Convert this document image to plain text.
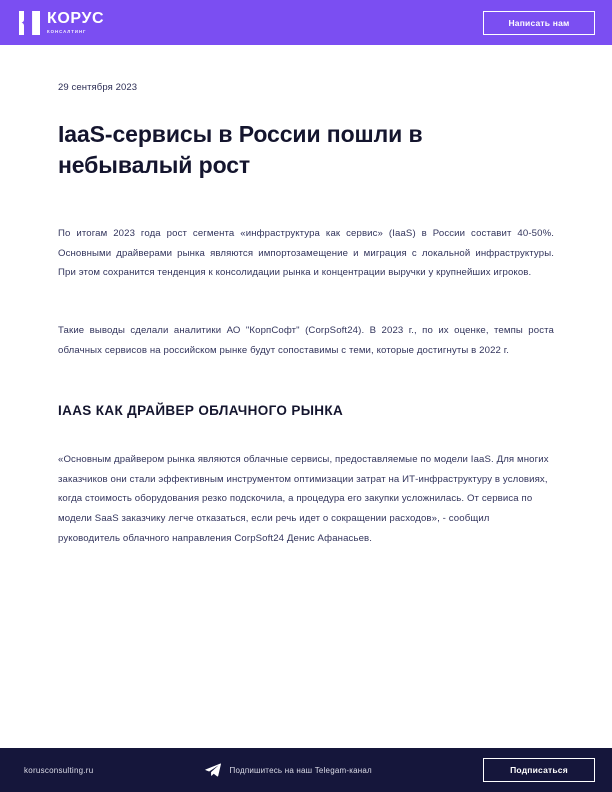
КОРУС
КОНСАЛТИНГ
Написать нам
29 сентября 2023
IaaS-сервисы в России пошли в небывалый рост

По итогам 2023 года рост сегмента «инфраструктура как сервис» (IaaS) в России составит 40-50%. Основными драйверами рынка являются импортозамещение и миграция с локальной инфраструктуры. При этом сохранится тенденция к консолидации рынка и концентрации выручки у крупнейших игроков.

Такие выводы сделали аналитики АО "КорпСофт" (CorpSoft24). В 2023 г., по их оценке, темпы роста облачных сервисов на российском рынке будут сопоставимы с теми, которые достигнуты в 2022 г.

IAAS КАК ДРАЙВЕР ОБЛАЧНОГО РЫНКА

«Основным драйвером рынка являются облачные сервисы, предоставляемые по модели IaaS. Для многих заказчиков они стали эффективным инструментом оптимизации затрат на ИТ-инфраструктуру в условиях, когда стоимость оборудования резко подскочила, а процедура его закупки усложнилась. От сервиса по модели SaaS заказчику легче отказаться, если речь идет о сокращении расходов», - сообщил руководитель облачного направления CorpSoft24 Денис Афанасьев.

korusconsulting.ru	Подпишитесь на наш Telegam-канал	Подписаться
